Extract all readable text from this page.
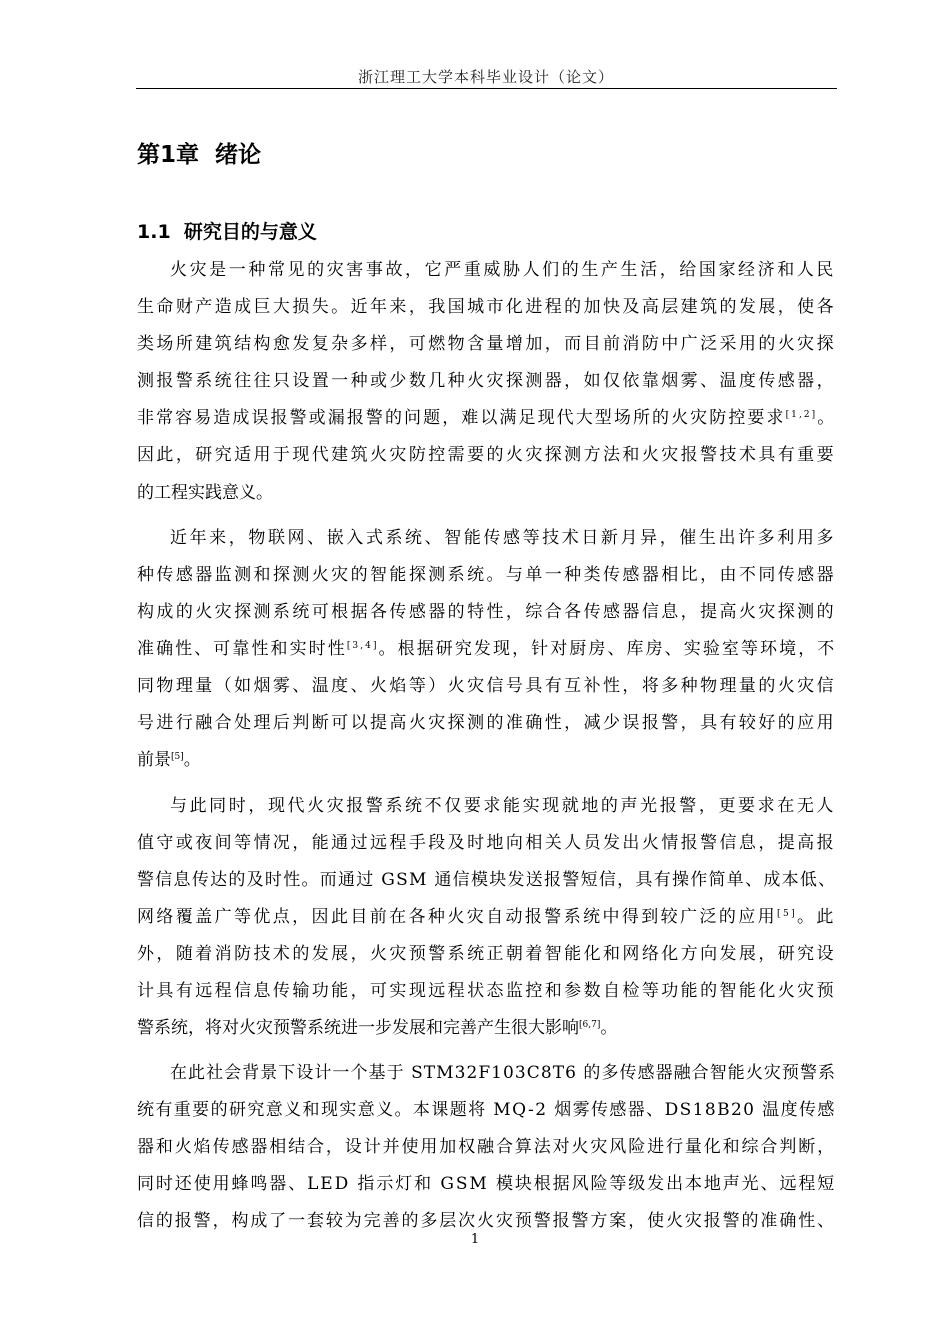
浙江理工大学本科毕业设计（论文）
第1章  绪论
1.1  研究目的与意义
火灾是一种常见的灾害事故，它严重威胁人们的生产生活，给国家经济和人民
生命财产造成巨大损失。近年来，我国城市化进程的加快及高层建筑的发展，使各
类场所建筑结构愈发复杂多样，可燃物含量增加，而目前消防中广泛采用的火灾探
测报警系统往往只设置一种或少数几种火灾探测器，如仅依靠烟雾、温度传感器，
非常容易造成误报警或漏报警的问题，难以满足现代大型场所的火灾防控要求[1,2]。
因此，研究适用于现代建筑火灾防控需要的火灾探测方法和火灾报警技术具有重要
的工程实践意义。
近年来，物联网、嵌入式系统、智能传感等技术日新月异，催生出许多利用多
种传感器监测和探测火灾的智能探测系统。与单一种类传感器相比，由不同传感器
构成的火灾探测系统可根据各传感器的特性，综合各传感器信息，提高火灾探测的
准确性、可靠性和实时性[3,4]。根据研究发现，针对厨房、库房、实验室等环境，不
同物理量（如烟雾、温度、火焰等）火灾信号具有互补性，将多种物理量的火灾信
号进行融合处理后判断可以提高火灾探测的准确性，减少误报警，具有较好的应用
前景[5]。
与此同时，现代火灾报警系统不仅要求能实现就地的声光报警，更要求在无人
值守或夜间等情况，能通过远程手段及时地向相关人员发出火情报警信息，提高报
警信息传达的及时性。而通过 GSM 通信模块发送报警短信，具有操作简单、成本低、
网络覆盖广等优点，因此目前在各种火灾自动报警系统中得到较广泛的应用[5]。此
外，随着消防技术的发展，火灾预警系统正朝着智能化和网络化方向发展，研究设
计具有远程信息传输功能，可实现远程状态监控和参数自检等功能的智能化火灾预
警系统，将对火灾预警系统进一步发展和完善产生很大影响[6,7]。
在此社会背景下设计一个基于 STM32F103C8T6 的多传感器融合智能火灾预警系
统有重要的研究意义和现实意义。本课题将 MQ-2 烟雾传感器、DS18B20 温度传感
器和火焰传感器相结合，设计并使用加权融合算法对火灾风险进行量化和综合判断，
同时还使用蜂鸣器、LED 指示灯和 GSM 模块根据风险等级发出本地声光、远程短
信的报警，构成了一套较为完善的多层次火灾预警报警方案，使火灾报警的准确性、
1
